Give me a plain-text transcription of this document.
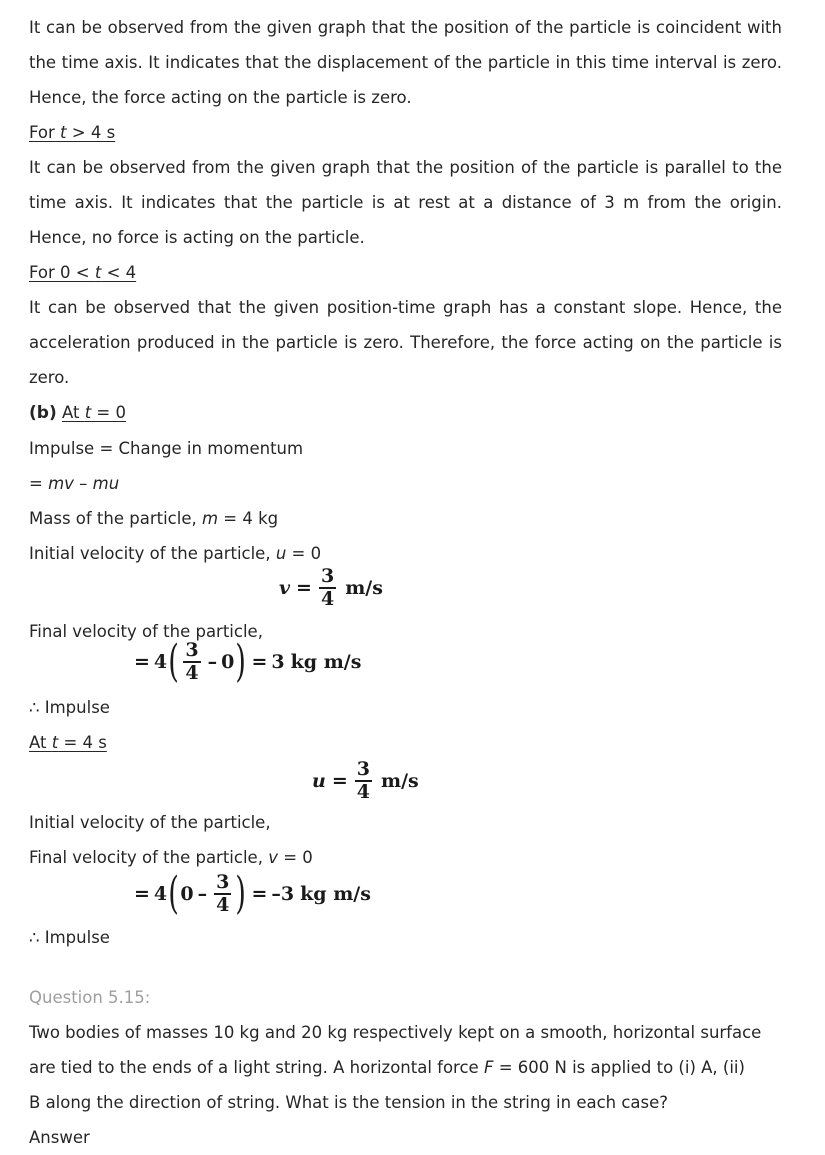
It can be observed from the given graph that the position of the particle is coincident with the time axis. It indicates that the displacement of the particle in this time interval is zero. Hence, the force acting on the particle is zero.

For t > 4 s

It can be observed from the given graph that the position of the particle is parallel to the time axis. It indicates that the particle is at rest at a distance of 3 m from the origin. Hence, no force is acting on the particle.

For 0 < t < 4

It can be observed that the given position-time graph has a constant slope. Hence, the acceleration produced in the particle is zero. Therefore, the force acting on the particle is zero.

(b) At t = 0

Impulse = Change in momentum

= mv – mu

Mass of the particle, m = 4 kg

Initial velocity of the particle, u = 0

$v = \frac{3}{4} m/s$

Final velocity of the particle,

= 4 ( $\frac{3}{4} - 0$ ) = 3 kg m/s

∴ Impulse

At t = 4 s

$u = \frac{3}{4} m/s$

Initial velocity of the particle,

Final velocity of the particle, v = 0

= 4 ( $0 - \frac{3}{4}$ ) = –3 kg m/s

∴ Impulse

Question 5.15:

Two bodies of masses 10 kg and 20 kg respectively kept on a smooth, horizontal surface

are tied to the ends of a light string. A horizontal force F = 600 N is applied to (i) A, (ii)

B along the direction of string. What is the tension in the string in each case?

Answer
